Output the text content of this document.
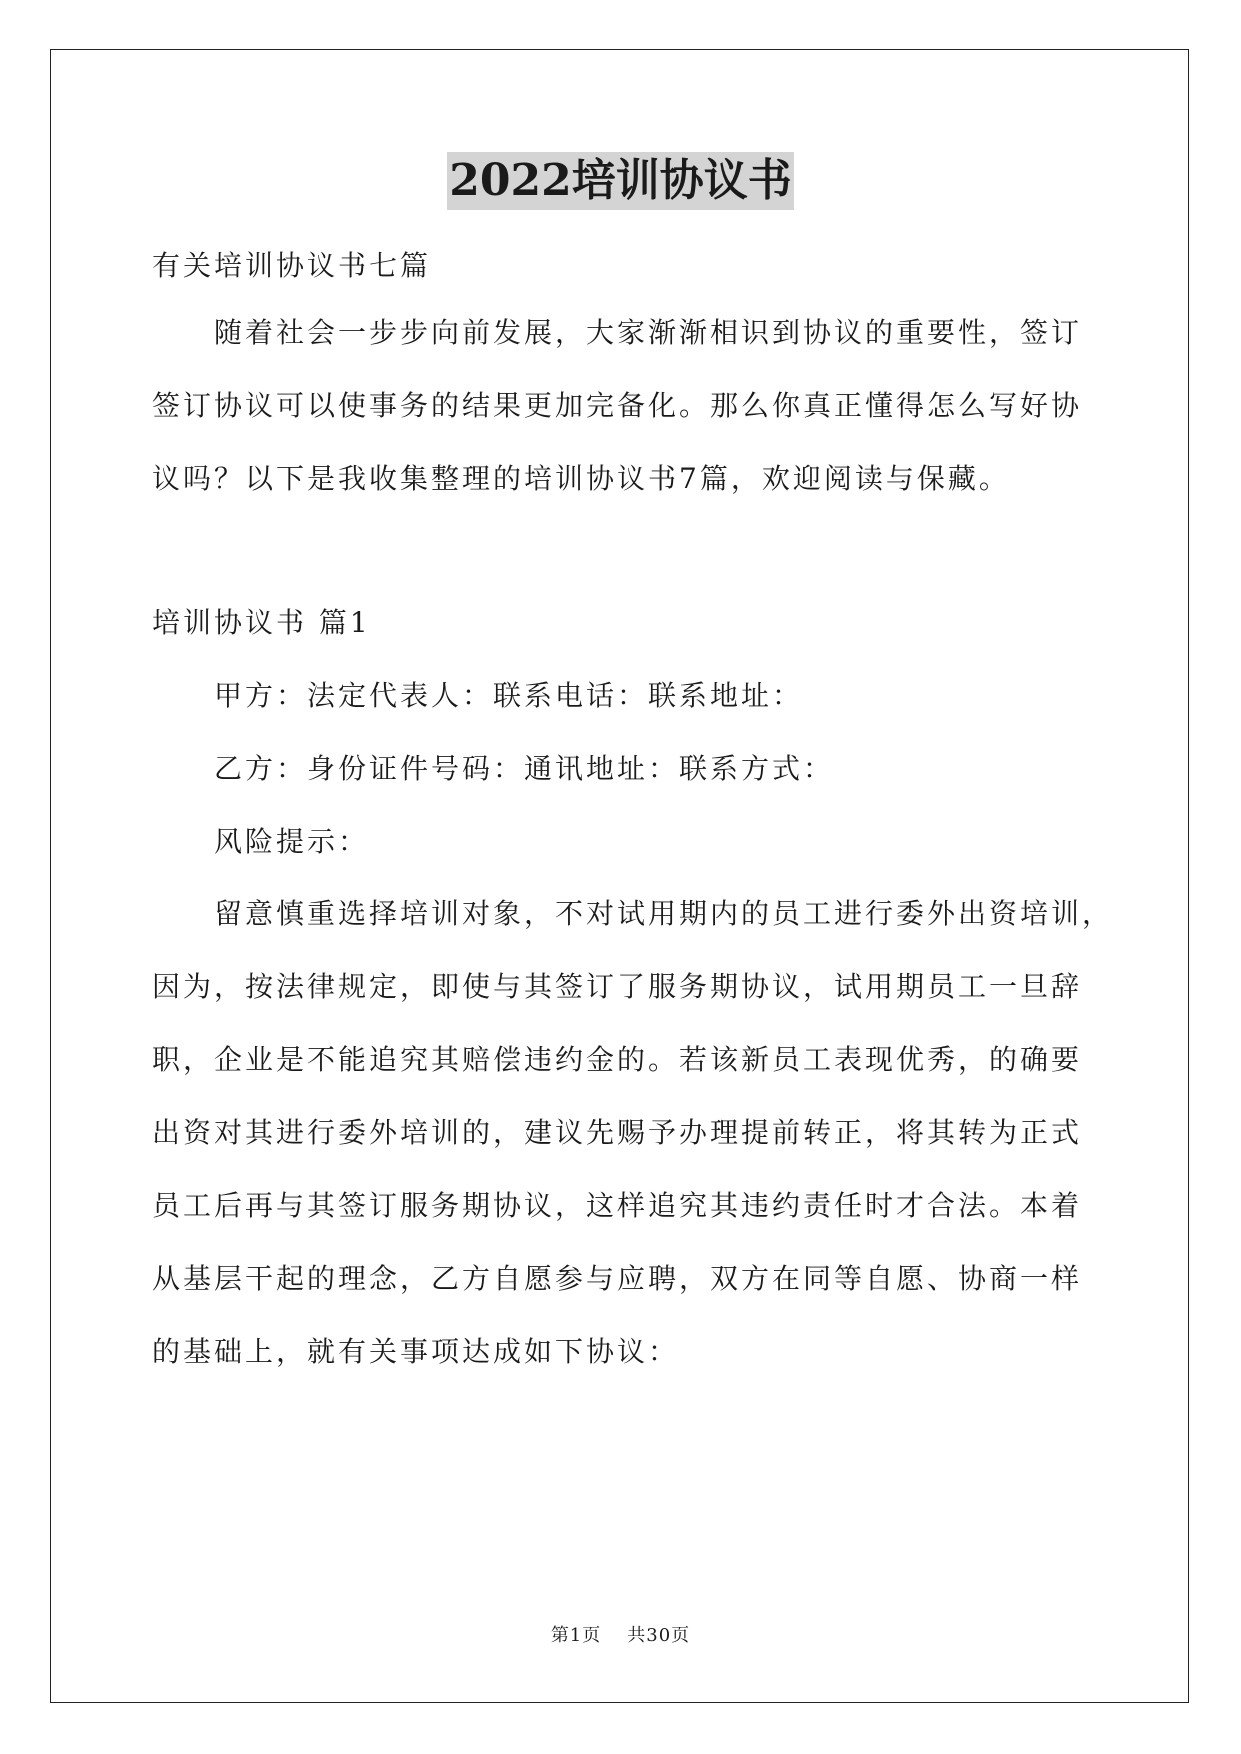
2022培训协议书
有关培训协议书七篇
随着社会一步步向前发展，大家渐渐相识到协议的重要性，签订
签订协议可以使事务的结果更加完备化。那么你真正懂得怎么写好协
议吗？以下是我收集整理的培训协议书7篇，欢迎阅读与保藏。
培训协议书 篇1
甲方：法定代表人：联系电话：联系地址：
乙方：身份证件号码：通讯地址：联系方式：
风险提示：
留意慎重选择培训对象，不对试用期内的员工进行委外出资培训，
因为，按法律规定，即使与其签订了服务期协议，试用期员工一旦辞
职，企业是不能追究其赔偿违约金的。若该新员工表现优秀，的确要
出资对其进行委外培训的，建议先赐予办理提前转正，将其转为正式
员工后再与其签订服务期协议，这样追究其违约责任时才合法。本着
从基层干起的理念，乙方自愿参与应聘，双方在同等自愿、协商一样
的基础上，就有关事项达成如下协议：
第1页 共30页
